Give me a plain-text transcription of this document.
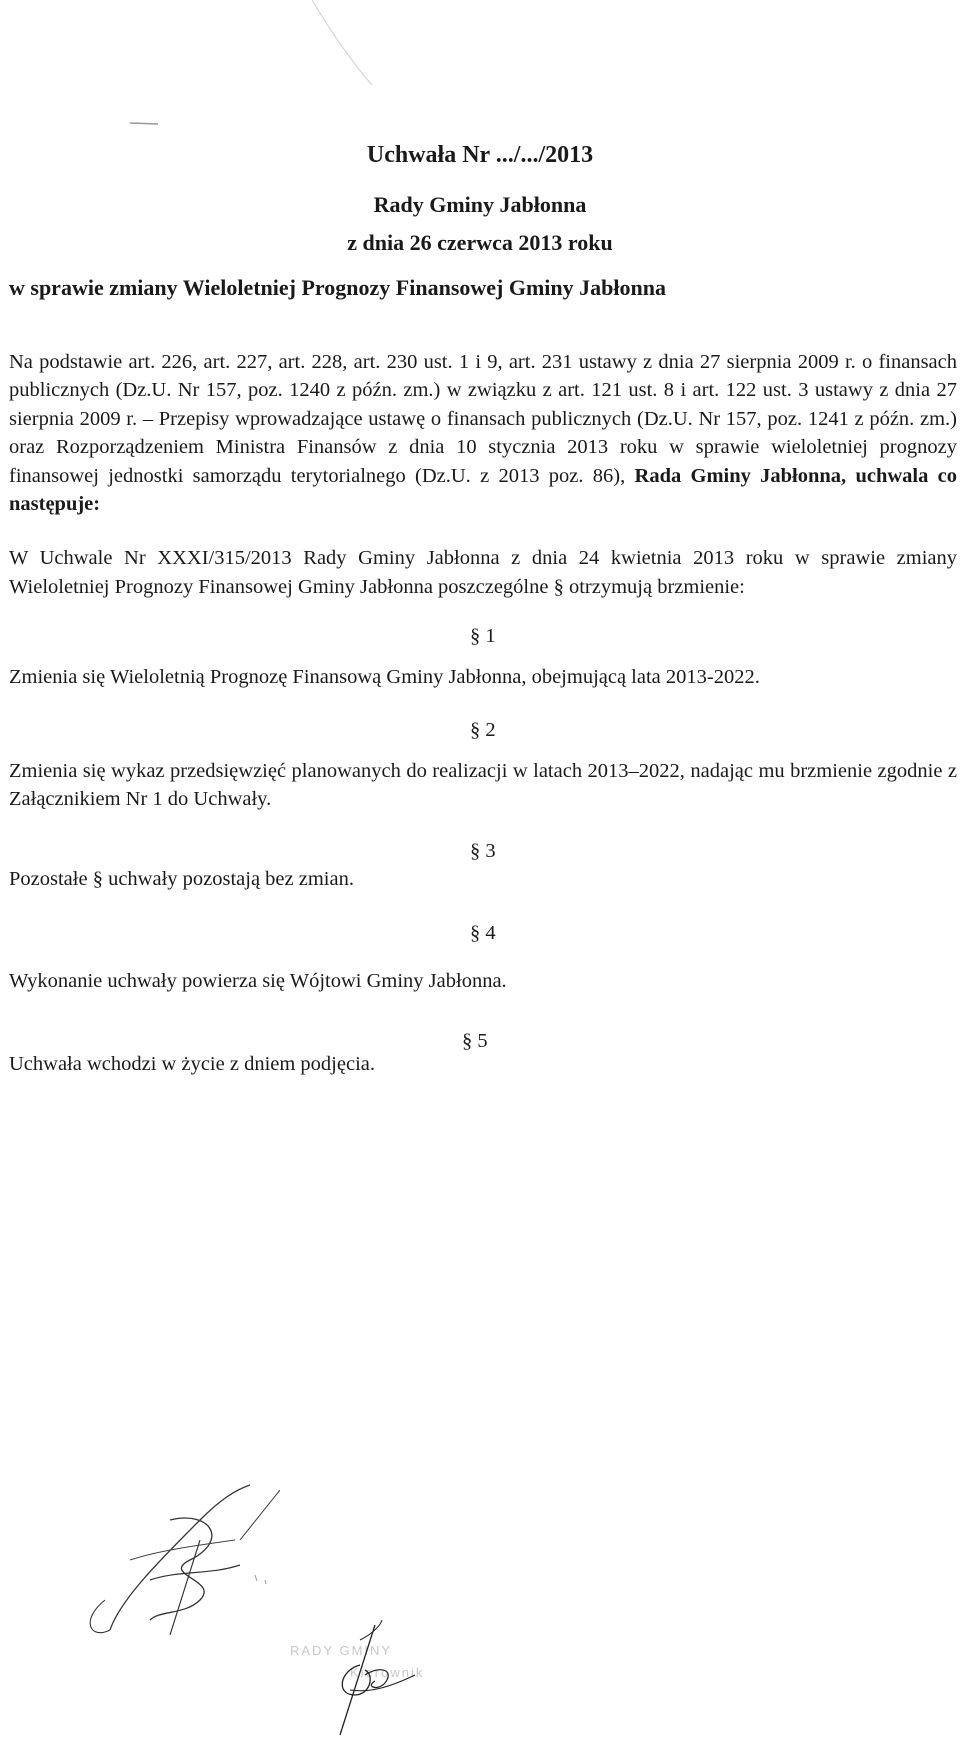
Uchwała Nr .../.../2013
Rady Gminy Jabłonna
z dnia 26 czerwca 2013 roku
w sprawie zmiany Wieloletniej Prognozy Finansowej Gminy Jabłonna
Na podstawie art. 226, art. 227, art. 228, art. 230 ust. 1 i 9, art. 231 ustawy z dnia 27 sierpnia 2009 r. o finansach publicznych (Dz.U. Nr 157, poz. 1240 z późn. zm.) w związku z art. 121 ust. 8 i art. 122 ust. 3 ustawy z dnia 27 sierpnia 2009 r. – Przepisy wprowadzające ustawę o finansach publicznych (Dz.U. Nr 157, poz. 1241 z późn. zm.) oraz Rozporządzeniem Ministra Finansów z dnia 10 stycznia 2013 roku w sprawie wieloletniej prognozy finansowej jednostki samorządu terytorialnego (Dz.U. z 2013 poz. 86), Rada Gminy Jabłonna, uchwala co następuje:
W Uchwale Nr XXXI/315/2013 Rady Gminy Jabłonna z dnia 24 kwietnia 2013 roku w sprawie zmiany Wieloletniej Prognozy Finansowej Gminy Jabłonna poszczególne § otrzymują brzmienie:
§ 1
Zmienia się Wieloletnią Prognozę Finansową Gminy Jabłonna, obejmującą lata 2013-2022.
§ 2
Zmienia się wykaz przedsięwzięć planowanych do realizacji w latach 2013–2022, nadając mu brzmienie zgodnie z Załącznikiem Nr 1 do Uchwały.
§ 3
Pozostałe § uchwały pozostają bez zmian.
§ 4
Wykonanie uchwały powierza się Wójtowi Gminy Jabłonna.
§ 5
Uchwała wchodzi w życie z dniem podjęcia.
RADY GMINY
Kierownik
